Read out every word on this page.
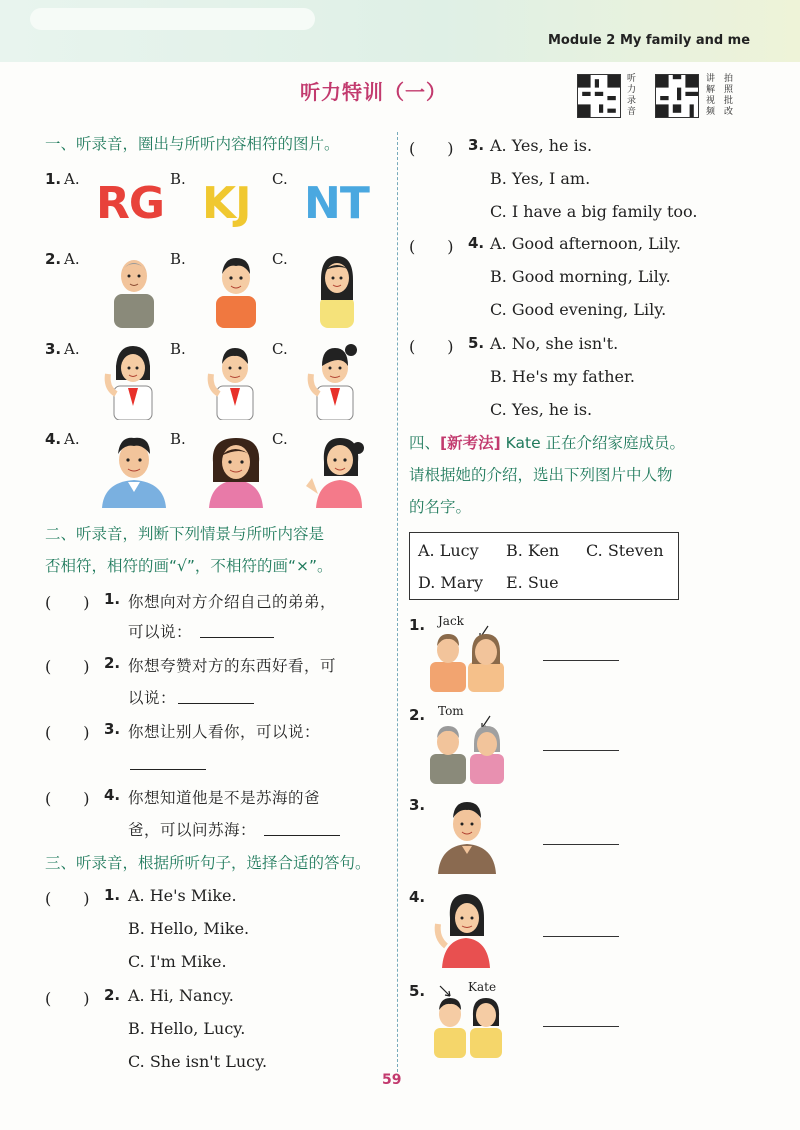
Module 2 My family and me
听力特训（一）
听力录音
讲解视频
拍照批改
一、听录音，圈出与所听内容相符的图片。
1. A.	B.	C.
RG KJ NT
2. A.	B.	C.
3. A.	B.	C.
4. A.	B.	C.
二、听录音，判断下列情景与所听内容是
否相符，相符的画“√”，不相符的画“×”。
(　　) 1. 你想向对方介绍自己的弟弟，
可以说：
(　　) 2. 你想夸赞对方的东西好看，可
以说：
(　　) 3. 你想让别人看你，可以说：
(　　) 4. 你想知道他是不是苏海的爸
爸，可以问苏海：
三、听录音，根据所听句子，选择合适的答句。
(　　) 1. A. He's Mike.
B. Hello, Mike.
C. I'm Mike.
(　　) 2. A. Hi, Nancy.
B. Hello, Lucy.
C. She isn't Lucy.
(　　) 3. A. Yes, he is.
B. Yes, I am.
C. I have a big family too.
(　　) 4. A. Good afternoon, Lily.
B. Good morning, Lily.
C. Good evening, Lily.
(　　) 5. A. No, she isn't.
B. He's my father.
C. Yes, he is.
四、[新考法] Kate 正在介绍家庭成员。
请根据她的介绍，选出下列图片中人物
的名字。
A. Lucy B. Ken C. Steven
D. Mary E. Sue
1. Jack
2. Tom
3.
4.
5.	Kate
59
